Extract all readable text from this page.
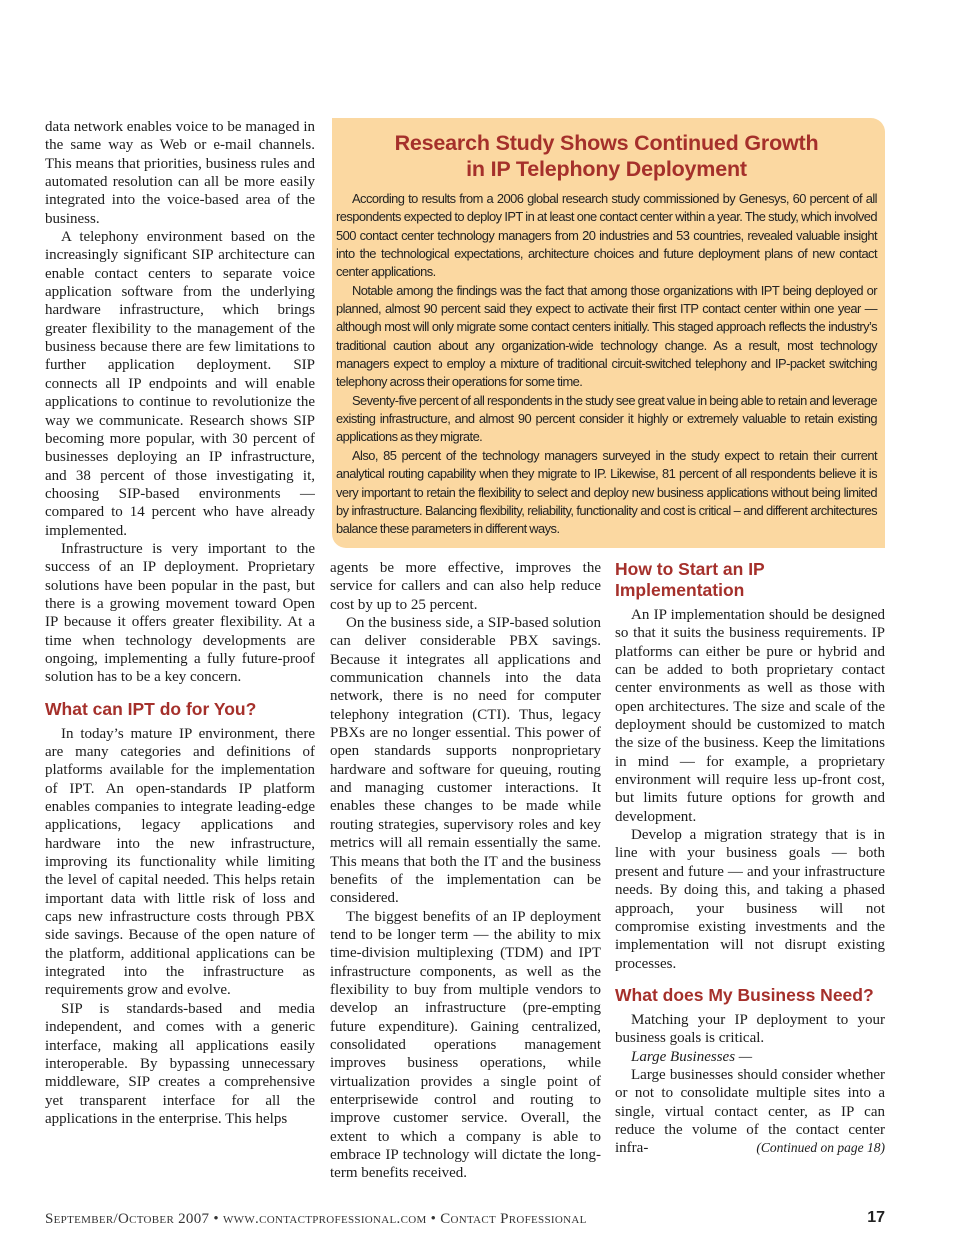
data network enables voice to be managed in the same way as Web or e-mail channels. This means that priorities, business rules and automated resolution can all be more easily integrated into the voice-based area of the business.

A telephony environment based on the increasingly significant SIP architecture can enable contact centers to separate voice application software from the underlying hardware infrastructure, which brings greater flexibility to the management of the business because there are few limitations to further application deployment. SIP connects all IP endpoints and will enable applications to continue to revolutionize the way we communicate. Research shows SIP becoming more popular, with 30 percent of businesses deploying an IP infrastructure, and 38 percent of those investigating it, choosing SIP-based environments — compared to 14 percent who have already implemented.

Infrastructure is very important to the success of an IP deployment. Proprietary solutions have been popular in the past, but there is a growing movement toward Open IP because it offers greater flexibility. At a time when technology developments are ongoing, implementing a fully future-proof solution has to be a key concern.

What can IPT do for You?

In today’s mature IP environment, there are many categories and definitions of platforms available for the implementation of IPT. An open-standards IP platform enables companies to integrate leading-edge applications, legacy applications and hardware into the new infrastructure, improving its functionality while limiting the level of capital needed. This helps retain important data with little risk of loss and caps new infrastructure costs through PBX side savings. Because of the open nature of the platform, additional applications can be integrated into the infrastructure as requirements grow and evolve.

SIP is standards-based and media independent, and comes with a generic interface, making all applications easily interoperable. By bypassing unnecessary middleware, SIP creates a comprehensive yet transparent interface for all the applications in the enterprise. This helps

Research Study Shows Continued Growth
in IP Telephony Deployment

According to results from a 2006 global research study commissioned by Genesys, 60 percent of all respondents expected to deploy IPT in at least one contact center within a year. The study, which involved 500 contact center technology managers from 20 industries and 53 countries, revealed valuable insight into the technological expectations, architecture choices and future deployment plans of new contact center applications.

Notable among the findings was the fact that among those organizations with IPT being deployed or planned, almost 90 percent said they expect to activate their first ITP contact center within one year — although most will only migrate some contact centers initially. This staged approach reflects the industry’s traditional caution about any organization-wide technology change. As a result, most technology managers expect to employ a mixture of traditional circuit-switched telephony and IP-packet switching telephony across their operations for some time.

Seventy-five percent of all respondents in the study see great value in being able to retain and leverage existing infrastructure, and almost 90 percent consider it highly or extremely valuable to retain existing applications as they migrate.

Also, 85 percent of the technology managers surveyed in the study expect to retain their current analytical routing capability when they migrate to IP. Likewise, 81 percent of all respondents believe it is very important to retain the flexibility to select and deploy new business applications without being limited by infrastructure. Balancing flexibility, reliability, functionality and cost is critical – and different architectures balance these parameters in different ways.

agents be more effective, improves the service for callers and can also help reduce cost by up to 25 percent.

On the business side, a SIP-based solution can deliver considerable PBX savings. Because it integrates all applications and communication channels into the data network, there is no need for computer telephony integration (CTI). Thus, legacy PBXs are no longer essential. This power of open standards supports nonproprietary hardware and software for queuing, routing and managing customer interactions. It enables these changes to be made while routing strategies, supervisory roles and key metrics will all remain essentially the same. This means that both the IT and the business benefits of the implementation can be considered.

The biggest benefits of an IP deployment tend to be longer term — the ability to mix time-division multiplexing (TDM) and IPT infrastructure components, as well as the flexibility to buy from multiple vendors to develop an infrastructure (pre-empting future expenditure). Gaining centralized, consolidated operations management improves business operations, while virtualization provides a single point of enterprisewide control and routing to improve customer service. Overall, the extent to which a company is able to embrace IP technology will dictate the long-term benefits received.

How to Start an IP Implementation

An IP implementation should be designed so that it suits the business requirements. IP platforms can either be pure or hybrid and can be added to both proprietary contact center environments as well as those with open architectures. The size and scale of the deployment should be customized to match the size of the business. Keep the limitations in mind — for example, a proprietary environment will require less up-front cost, but limits future options for growth and development.

Develop a migration strategy that is in line with your business goals — both present and future — and your infrastructure needs. By doing this, and taking a phased approach, your business will not compromise existing investments and the implementation will not disrupt existing processes.

What does My Business Need?

Matching your IP deployment to your business goals is critical.

Large Businesses —

Large businesses should consider whether or not to consolidate multiple sites into a single, virtual contact center, as IP can reduce the volume of the contact center infra-	(Continued on page 18)

September/October 2007 • www.contactprofessional.com • Contact Professional	17
